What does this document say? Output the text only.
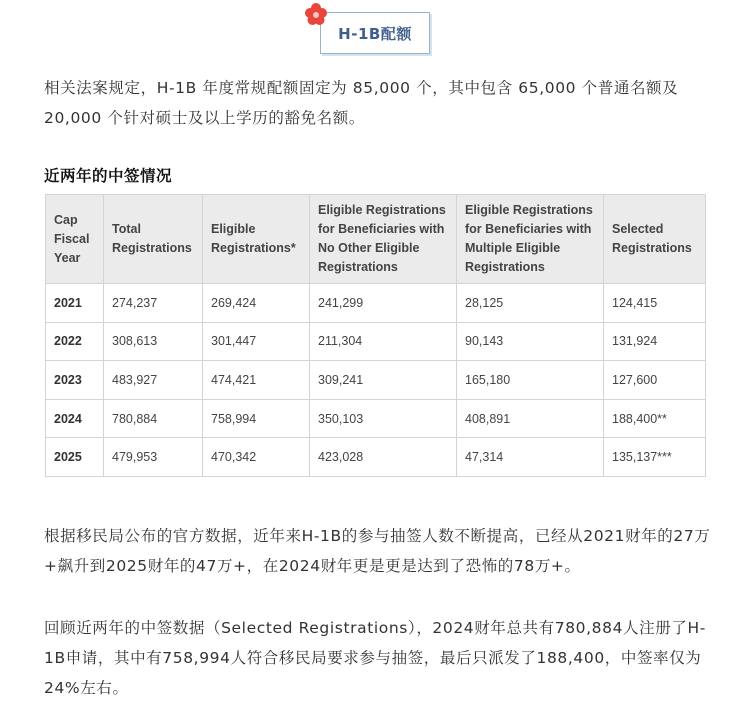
H-1B配额
相关法案规定，H-1B 年度常规配额固定为 85,000 个，其中包含 65,000 个普通名额及 20,000 个针对硕士及以上学历的豁免名额。
近两年的中签情况
Cap Fiscal Year	Total Registrations	Eligible Registrations*	Eligible Registrations for Beneficiaries with No Other Eligible Registrations	Eligible Registrations for Beneficiaries with Multiple Eligible Registrations	Selected Registrations
2021	274,237	269,424	241,299	28,125	124,415
2022	308,613	301,447	211,304	90,143	131,924
2023	483,927	474,421	309,241	165,180	127,600
2024	780,884	758,994	350,103	408,891	188,400**
2025	479,953	470,342	423,028	47,314	135,137***
根据移民局公布的官方数据，近年来H-1B的参与抽签人数不断提高，已经从2021财年的27万+飙升到2025财年的47万+，在2024财年更是更是达到了恐怖的78万+。
回顾近两年的中签数据（Selected Registrations），2024财年总共有780,884人注册了H-1B申请，其中有758,994人符合移民局要求参与抽签，最后只派发了188,400，中签率仅为24%左右。
